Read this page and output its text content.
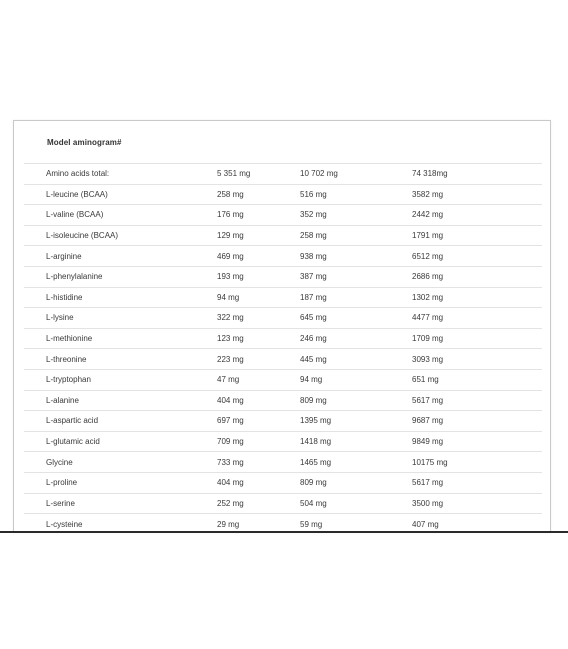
Model aminogram#
Amino acids total:	5 351 mg	10 702 mg	74 318mg
L-leucine (BCAA)	258 mg	516 mg	3582 mg
L-valine (BCAA)	176 mg	352 mg	2442 mg
L-isoleucine (BCAA)	129 mg	258 mg	1791 mg
L-arginine	469 mg	938 mg	6512 mg
L-phenylalanine	193 mg	387 mg	2686 mg
L-histidine	94 mg	187 mg	1302 mg
L-lysine	322 mg	645 mg	4477 mg
L-methionine	123 mg	246 mg	1709 mg
L-threonine	223 mg	445 mg	3093 mg
L-tryptophan	47 mg	94 mg	651 mg
L-alanine	404 mg	809 mg	5617 mg
L-aspartic acid	697 mg	1395 mg	9687 mg
L-glutamic acid	709 mg	1418 mg	9849 mg
Glycine	733 mg	1465 mg	10175 mg
L-proline	404 mg	809 mg	5617 mg
L-serine	252 mg	504 mg	3500 mg
L-cysteine	29 mg	59 mg	407 mg
